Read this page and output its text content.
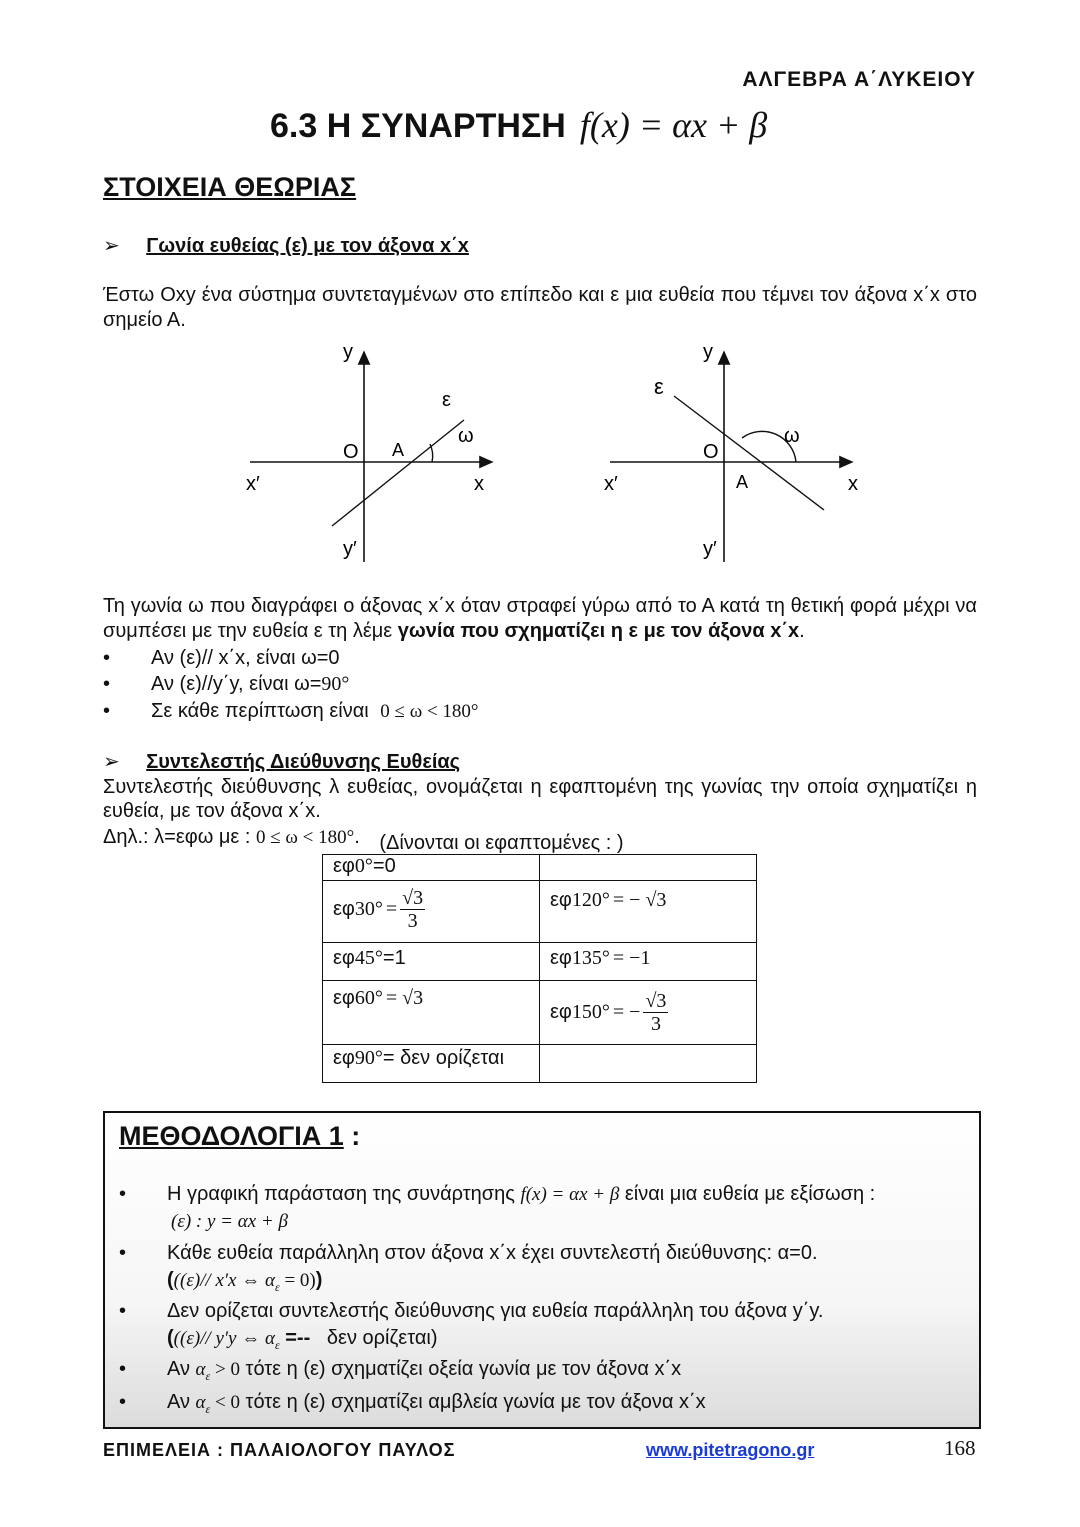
ΑΛΓΕΒΡΑ Α΄ΛΥΚΕΙΟΥ
6.3 Η ΣΥΝΑΡΤΗΣΗ f(x) = αx + β
ΣΤΟΙΧΕΙΑ ΘΕΩΡΙΑΣ
➢ Γωνία ευθείας (ε) με τον άξονα x΄x
Έστω Oxy ένα σύστημα συντεταγμένων στο επίπεδο και ε μια ευθεία που τέμνει τον άξονα x΄x στο σημείο Α.
y
y′
x′	x
O A
ε
ω
y
y′
x′	x
O
A
ε
ω
Τη γωνία ω που διαγράφει ο άξονας x΄x όταν στραφεί γύρω από το Α κατά τη θετική φορά μέχρι να συμπέσει με την ευθεία ε τη λέμε γωνία που σχηματίζει η ε με τον άξονα x΄x.
• Αν (ε)// x΄x, είναι ω=0
• Αν (ε)//y΄y, είναι ω=90°
• Σε κάθε περίπτωση είναι 0 ≤ ω < 180°
➢ Συντελεστής Διεύθυνσης Ευθείας
Συντελεστής διεύθυνσης λ ευθείας, ονομάζεται η εφαπτομένη της γωνίας την οποία σχηματίζει η ευθεία, με τον άξονα x΄x.
Δηλ.: λ=εφω με : 0 ≤ ω < 180°. (Δίνονται οι εφαπτομένες : )
εφ0°=0	
$\varepsilon\varphi 30^\circ = \frac{√3}{3}$	εφ120° = − √3
εφ45°=1	εφ135° = −1
εφ60° = √3	εφ150° = − $\frac{√3}{3}$

εφ90°= δεν ορίζεται	
ΜΕΘΟΔΟΛΟΓΙΑ 1 :
• Η γραφική παράσταση της συνάρτησης f(x) = αx + β είναι μια ευθεία με εξίσωση :
(ε) : y = αx + β
• Κάθε ευθεία παράλληλη στον άξονα x΄x έχει συντελεστή διεύθυνσης: α=0.
(((ε)// x′x ⇔ $\alpha_\varepsilon = 0$))
• Δεν ορίζεται συντελεστής διεύθυνσης για ευθεία παράλληλη του άξονα y΄y.
(((ε)// y′y ⇔ $\alpha_\varepsilon$ =--   δεν ορίζεται)
• Αν $\alpha_\varepsilon > 0$ τότε η (ε) σχηματίζει οξεία γωνία με τον άξονα x΄x
• Αν $\alpha_\varepsilon < 0$ τότε η (ε) σχηματίζει αμβλεία γωνία με τον άξονα x΄x
ΕΠΙΜΕΛΕΙΑ : ΠΑΛΑΙΟΛΟΓΟΥ ΠΑΥΛΟΣ	www.pitetragono.gr	168
